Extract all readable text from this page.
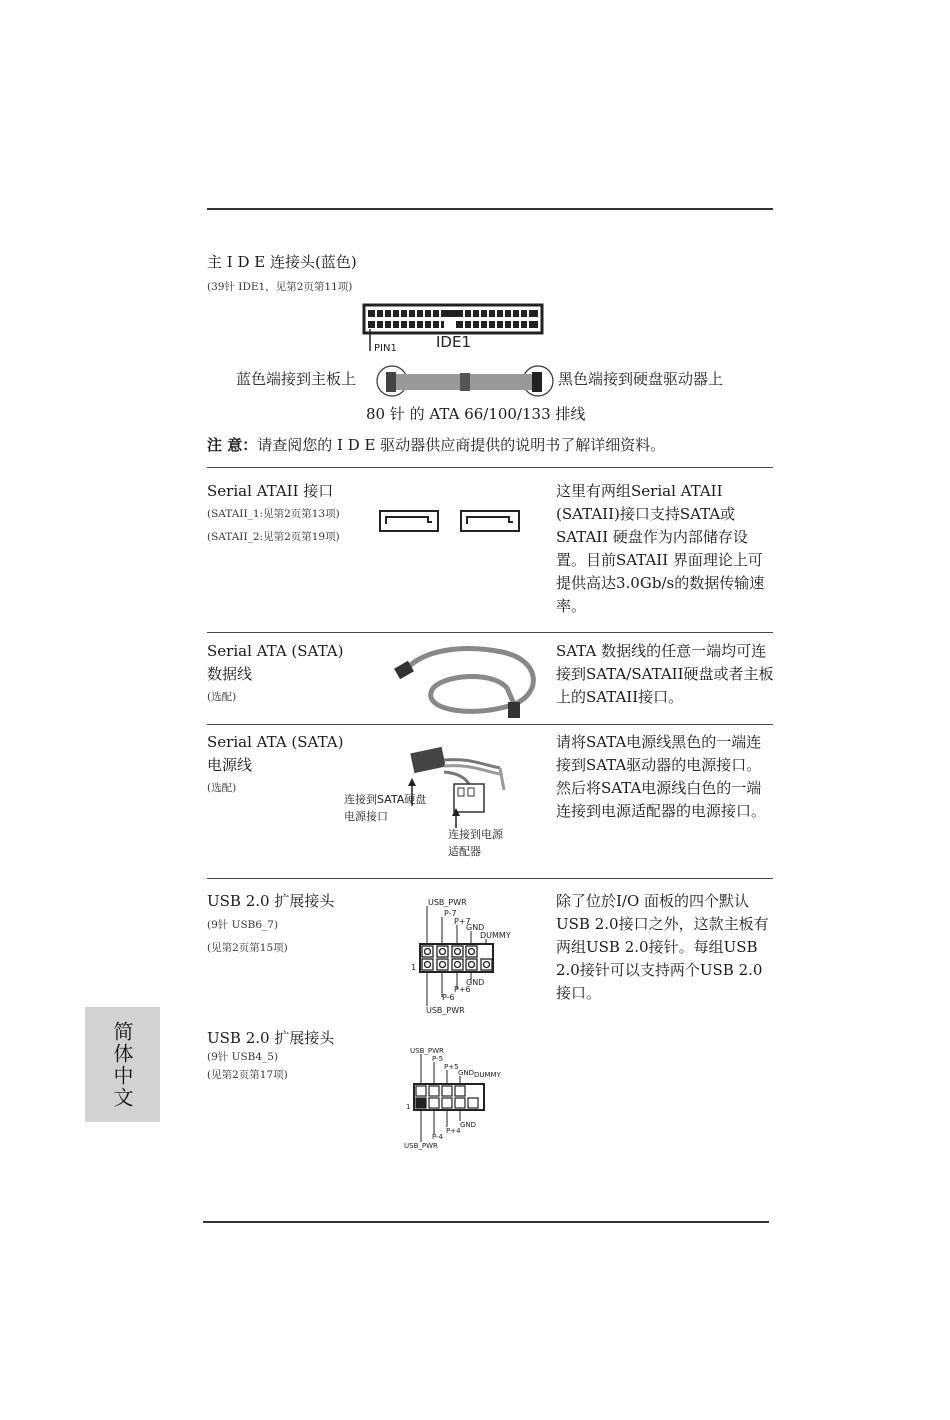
主 I D E 连接头(蓝色)
(39针 IDE1，见第2页第11项)
PIN1	IDE1
蓝色端接到主板上	黑色端接到硬盘驱动器上
80 针 的 ATA 66/100/133 排线
注 意：请查阅您的 I D E 驱动器供应商提供的说明书了解详细资料。
Serial ATAII 接口
(SATAII_1:见第2页第13项)
(SATAII_2:见第2页第19项)
这里有两组Serial ATAII (SATAII)接口支持SATA或SATAII 硬盘作为内部储存设置。目前SATAII 界面理论上可提供高达3.0Gb/s的数据传输速率。
Serial ATA (SATA)
数据线
(选配)
SATA 数据线的任意一端均可连接到SATA/SATAII硬盘或者主板上的SATAII接口。
Serial ATA (SATA)
电源线
(选配)
连接到SATA硬盘
电源接口
连接到电源
适配器
请将SATA电源线黑色的一端连接到SATA驱动器的电源接口。然后将SATA电源线白色的一端连接到电源适配器的电源接口。
USB 2.0 扩展接头
(9针 USB6_7)
(见第2页第15项)
USB_PWR
P-7
P+7
GND
DUMMY
1
GND
P+6
P-6
USB_PWR
除了位於I/O 面板的四个默认USB 2.0接口之外，这款主板有两组USB 2.0接针。每组USB 2.0接针可以支持两个USB 2.0接口。
USB 2.0 扩展接头
(9针 USB4_5)
(见第2页第17项)
USB_PWR
P-5
P+5
GND DUMMY
1
GND
P+4
P-4
USB_PWR
简体中文
